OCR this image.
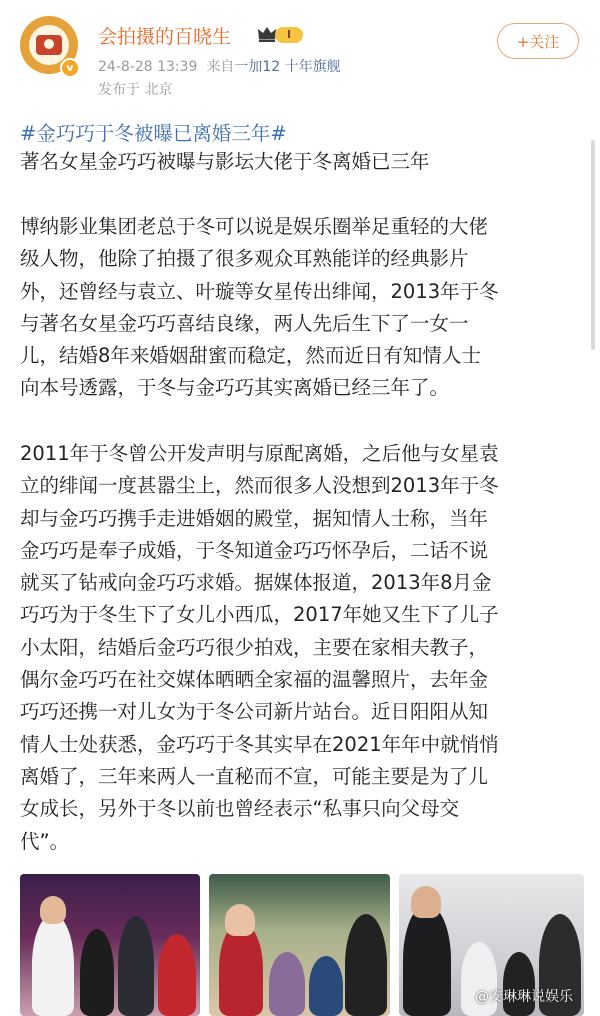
v
会拍摄的百晓生	I
24-8-28 13:39 来自一加12 十年旗舰
发布于 北京
+关注
#金巧巧于冬被曝已离婚三年#
著名女星金巧巧被曝与影坛大佬于冬离婚已三年
博纳影业集团老总于冬可以说是娱乐圈举足重轻的大佬
级人物，他除了拍摄了很多观众耳熟能详的经典影片
外，还曾经与袁立、叶璇等女星传出绯闻，2013年于冬
与著名女星金巧巧喜结良缘，两人先后生下了一女一
儿，结婚8年来婚姻甜蜜而稳定，然而近日有知情人士
向本号透露，于冬与金巧巧其实离婚已经三年了。
2011年于冬曾公开发声明与原配离婚，之后他与女星袁
立的绯闻一度甚嚣尘上，然而很多人没想到2013年于冬
却与金巧巧携手走进婚姻的殿堂，据知情人士称，当年
金巧巧是奉子成婚，于冬知道金巧巧怀孕后，二话不说
就买了钻戒向金巧巧求婚。据媒体报道，2013年8月金
巧巧为于冬生下了女儿小西瓜，2017年她又生下了儿子
小太阳，结婚后金巧巧很少拍戏，主要在家相夫教子，
偶尔金巧巧在社交媒体晒晒全家福的温馨照片，去年金
巧巧还携一对儿女为于冬公司新片站台。近日阳阳从知
情人士处获悉，金巧巧于冬其实早在2021年年中就悄悄
离婚了，三年来两人一直秘而不宣，可能主要是为了儿
女成长，另外于冬以前也曾经表示“私事只向父母交
代”。
@安琳琳说娱乐
